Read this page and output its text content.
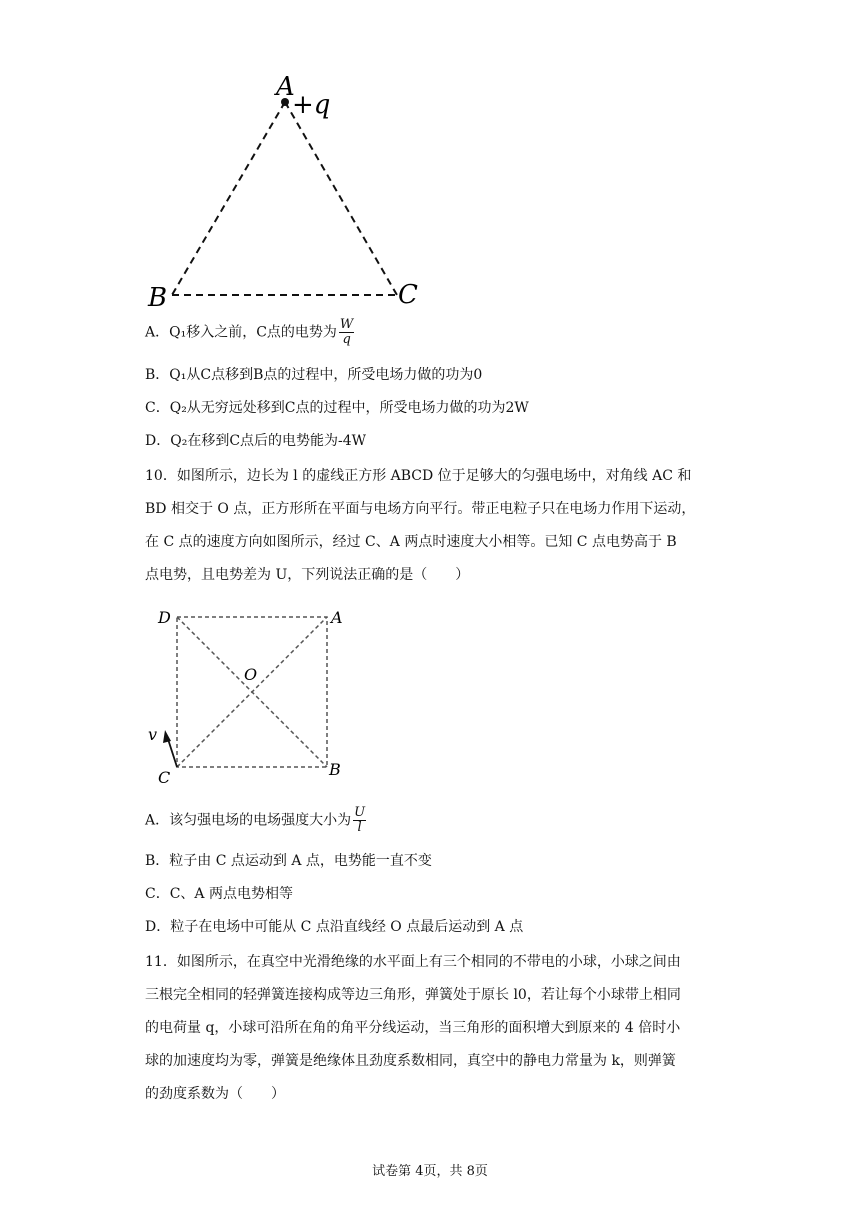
A
+q
B	C
A．Q₁移入之前，C点的电势为 $\frac{W}{q}$
B．Q₁从C点移到B点的过程中，所受电场力做的功为0
C．Q₂从无穷远处移到C点的过程中，所受电场力做的功为2W
D．Q₂在移到C点后的电势能为-4W

10．如图所示，边长为 l 的虚线正方形 ABCD 位于足够大的匀强电场中，对角线 AC 和

BD 相交于 O 点，正方形所在平面与电场方向平行。带正电粒子只在电场力作用下运动，

在 C 点的速度方向如图所示，经过 C、A 两点时速度大小相等。已知 C 点电势高于 B

点电势，且电势差为 U，下列说法正确的是（　　）

D	A
O
v
C	B
A．该匀强电场的电场强度大小为 $\frac{U}{l}$
B．粒子由 C 点运动到 A 点，电势能一直不变
C．C、A 两点电势相等
D．粒子在电场中可能从 C 点沿直线经 O 点最后运动到 A 点

11．如图所示，在真空中光滑绝缘的水平面上有三个相同的不带电的小球，小球之间由

三根完全相同的轻弹簧连接构成等边三角形，弹簧处于原长 l0，若让每个小球带上相同

的电荷量 q，小球可沿所在角的角平分线运动，当三角形的面积增大到原来的 4 倍时小

球的加速度均为零，弹簧是绝缘体且劲度系数相同，真空中的静电力常量为 k，则弹簧

的劲度系数为（　　）

试卷第 4页，共 8页
